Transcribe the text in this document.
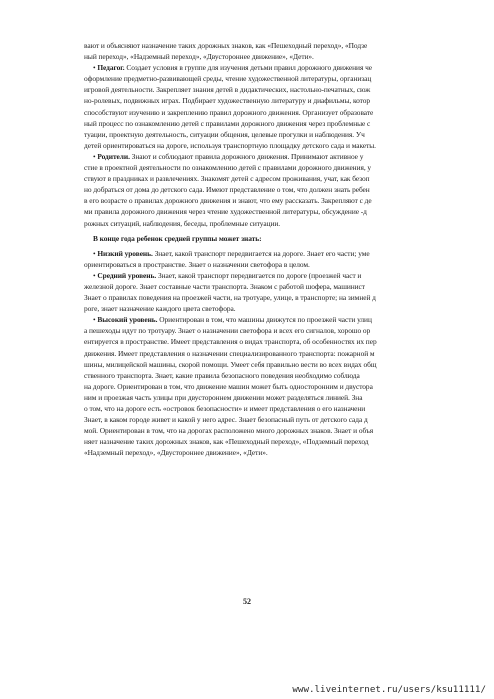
вают и объясняют назначение таких дорожных знаков, как «Пешеходный переход», «Подзе
ный переход», «Надземный переход», «Двустороннее движение», «Дети».
• Педагог. Создает условия в группе для изучения детьми правил дорожного движения че
оформление предметно-развивающей среды, чтение художественной литературы, организац
игровой деятельности. Закрепляет знания детей в дидактических, настольно-печатных, сюж
но-ролевых, подвижных играх. Подбирает художественную литературу и диафильмы, котор
способствуют изучению и закреплению правил дорожного движения. Организует образовате
ный процесс по ознакомлению детей с правилами дорожного движения через проблемные с
туации, проектную деятельность, ситуации общения, целевые прогулки и наблюдения. Уч
детей ориентироваться на дороге, используя транспортную площадку детского сада и макеты.
• Родители. Знают и соблюдают правила дорожного движения. Принимают активное у
стие в проектной деятельности по ознакомлению детей с правилами дорожного движения, у
ствуют в праздниках и развлечениях. Знакомят детей с адресом проживания, учат, как безоп
но добраться от дома до детского сада. Имеют представление о том, что должен знать ребен
в его возрасте о правилах дорожного движения и знают, что ему рассказать. Закрепляют с де
ми правила дорожного движения через чтение художественной литературы, обсуждение -д
рожных ситуаций, наблюдения, беседы, проблемные ситуации.
В конце года ребенок средней группы может знать:
• Низкий уровень. Знает, какой транспорт передвигается на дороге. Знает его части; уме
ориентироваться в пространстве. Знает о назначении светофора в целом.
• Средний уровень. Знает, какой транспорт передвигается по дороге (проезжей част и
железной дороге. Знает составные части транспорта. Знаком с работой шофера, машинист
Знает о правилах поведения на проезжей части, на тротуаре, улице, в транспорте; на зимней д
роге, знает назначение каждого цвета светофора.
• Высокий уровень. Ориентирован в том, что машины движутся по проезжей части улиц
а пешеходы идут по тротуару. Знает о назначении светофора и всех его сигналов, хорошо ор
ентируется в пространстве. Имеет представления о видах транспорта, об особенностях их пер
движения. Имеет представления о назначении специализированного транспорта: пожарной м
шины, милицейской машины, скорой помощи. Умеет себя правильно вести во всех видах общ
ственного транспорта. Знает, какие правила безопасного поведения необходимо соблюда
на дороге. Ориентирован в том, что движение машин может быть односторонним и двустора
ним и проезжая часть улицы при двустороннем движении может разделяться линией. Зна
о том, что на дороге есть «островок безопасности» и имеет представления о его назначени
Знает, в каком городе живет и какой у него адрес. Знает безопасный путь от детского сада д
мой. Ориентирован в том, что на дорогах расположено много дорожных знаков. Знает и объя
няет назначение таких дорожных знаков, как «Пешеходный переход», «Подземный переход
«Надземный переход», «Двустороннее движение», «Дети».
52
www.liveinternet.ru/users/ksu11111/
